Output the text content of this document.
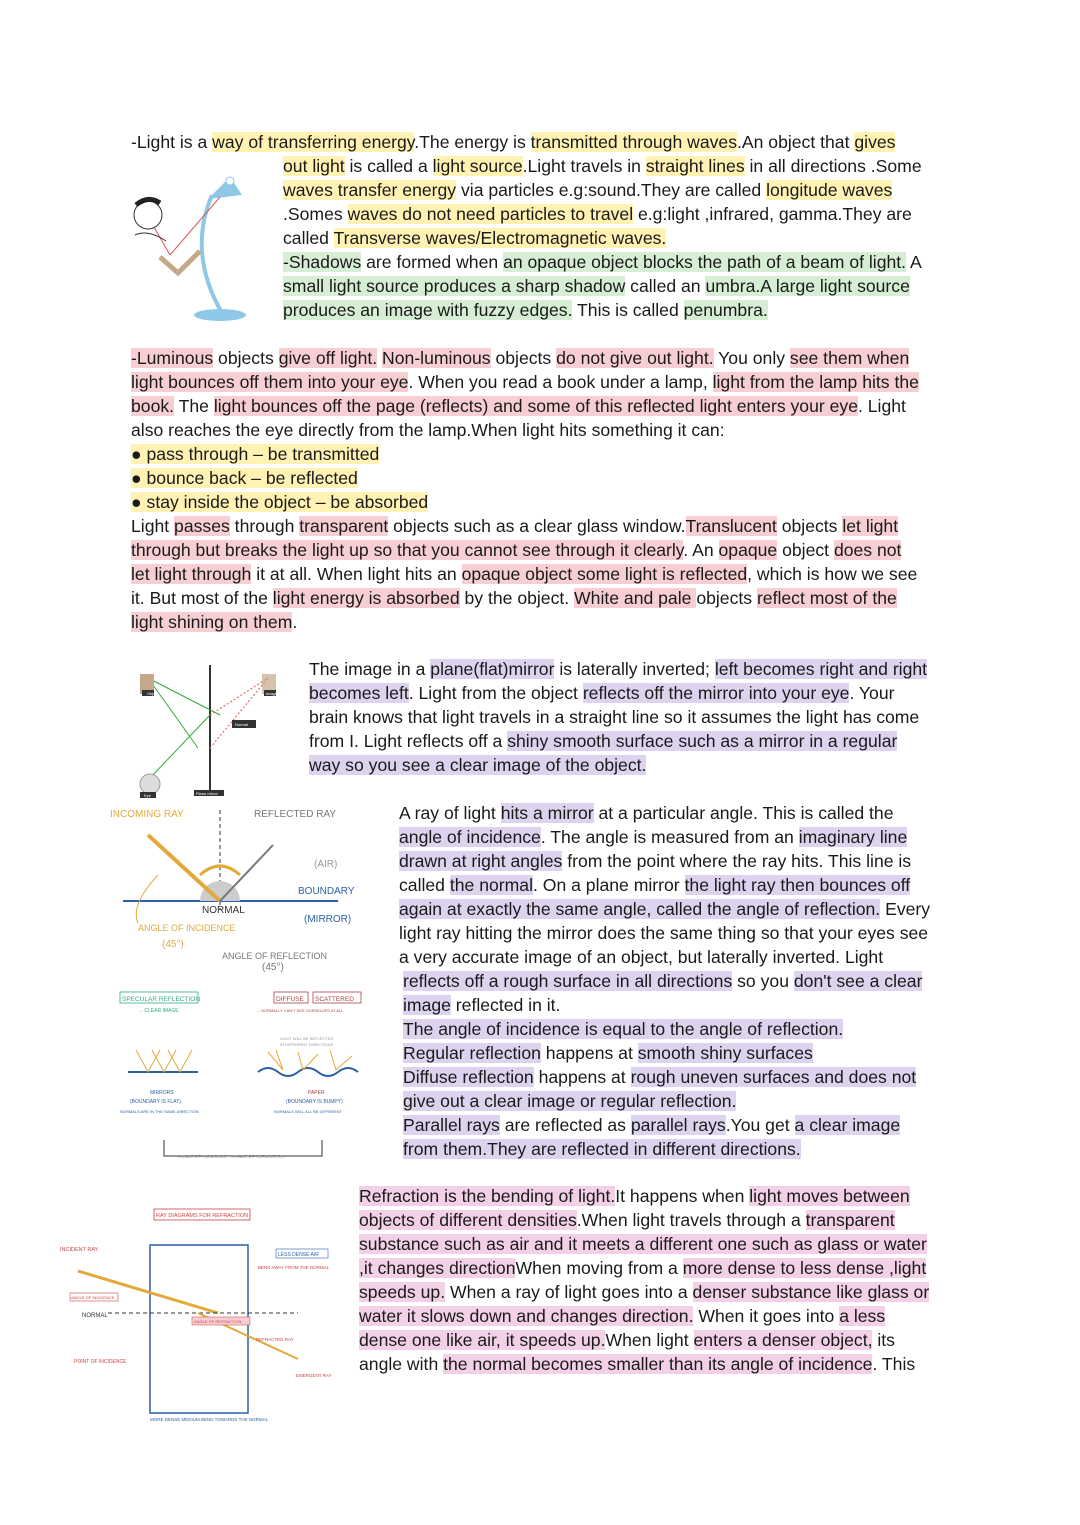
-Light is a way of transferring energy.The energy is transmitted through waves.An object that gives

out light is called a light source.Light travels in straight lines in all directions .Some

waves transfer energy via particles e.g:sound.They are called longitude waves

.Somes waves do not need particles to travel e.g:light ,infrared, gamma.They are

called Transverse waves/Electromagnetic waves.

-Shadows are formed when an opaque object blocks the path of a beam of light. A

small light source produces a sharp shadow called an umbra.A large light source

produces an image with fuzzy edges. This is called penumbra.

-Luminous objects give off light. Non-luminous objects do not give out light. You only see them when

light bounces off them into your eye. When you read a book under a lamp, light from the lamp hits the

book. The light bounces off the page (reflects) and some of this reflected light enters your eye. Light

also reaches the eye directly from the lamp.When light hits something it can:

● pass through – be transmitted

● bounce back – be reflected

● stay inside the object – be absorbed

Light passes through transparent objects such as a clear glass window.Translucent objects let light

through but breaks the light up so that you cannot see through it clearly. An opaque object does not

let light through it at all. When light hits an opaque object some light is reflected, which is how we see

it. But most of the light energy is absorbed by the object. White and pale objects reflect most of the

light shining on them.

Object	Image
Normal
Eye	Plane mirror

The image in a plane(flat)mirror is laterally inverted; left becomes right and right

becomes left. Light from the object reflects off the mirror into your eye. Your

brain knows that light travels in a straight line so it assumes the light has come

from I. Light reflects off a shiny smooth surface such as a mirror in a regular

way so you see a clear image of the object.

INCOMING RAY	REFLECTED RAY
(AIR)
BOUNDARY
(MIRROR)
NORMAL
ANGLE OF INCIDENCE
(45°)
ANGLE OF REFLECTION
(45°)
SPECULAR REFLECTION
→ CLEAR IMAGE
DIFFUSE SCATTERED
→ NORMALLY CAN'T SEE OURSELVES AT ALL
LIGHT WILL BE REFLECTED
IN DIFFERENT DIRECTIONS
MIRRORS
(BOUNDARY IS FLAT)
NORMALS ARE IN THE SAME DIRECTION
PAPER
(BOUNDARY IS BUMPY)
NORMALS WILL ALL BE DIFFERENT
ANGLE OF INCIDENCE = ANGLE OF REFLECTION

A ray of light hits a mirror at a particular angle. This is called the

angle of incidence. The angle is measured from an imaginary line

drawn at right angles from the point where the ray hits. This line is

called the normal. On a plane mirror the light ray then bounces off

again at exactly the same angle, called the angle of reflection. Every

light ray hitting the mirror does the same thing so that your eyes see

a very accurate image of an object, but laterally inverted. Light

reflects off a rough surface in all directions so you don't see a clear

image reflected in it.

The angle of incidence is equal to the angle of reflection.

Regular reflection happens at smooth shiny surfaces

Diffuse reflection happens at rough uneven surfaces and does not

give out a clear image or regular reflection.

Parallel rays are reflected as parallel rays.You get a clear image

from them.They are reflected in different directions.

RAY DIAGRAMS FOR REFRACTION
INCIDENT RAY
ANGLE OF INCIDENCE
NORMAL
POINT OF INCIDENCE
LESS DENSE AIR
BEND AWAY FROM THE NORMAL
ANGLE OF REFRACTION
REFRACTED RAY
EMERGENT RAY
MORE DENSE MEDIUM BEND TOWARDS THE NORMAL

Refraction is the bending of light.It happens when light moves between

objects of different densities.When light travels through a transparent

substance such as air and it meets a different one such as glass or water

,it changes directionWhen moving from a more dense to less dense ,light

speeds up. When a ray of light goes into a denser substance like glass or

water it slows down and changes direction. When it goes into a less

dense one like air, it speeds up.When light enters a denser object, its

angle with the normal becomes smaller than its angle of incidence. This
